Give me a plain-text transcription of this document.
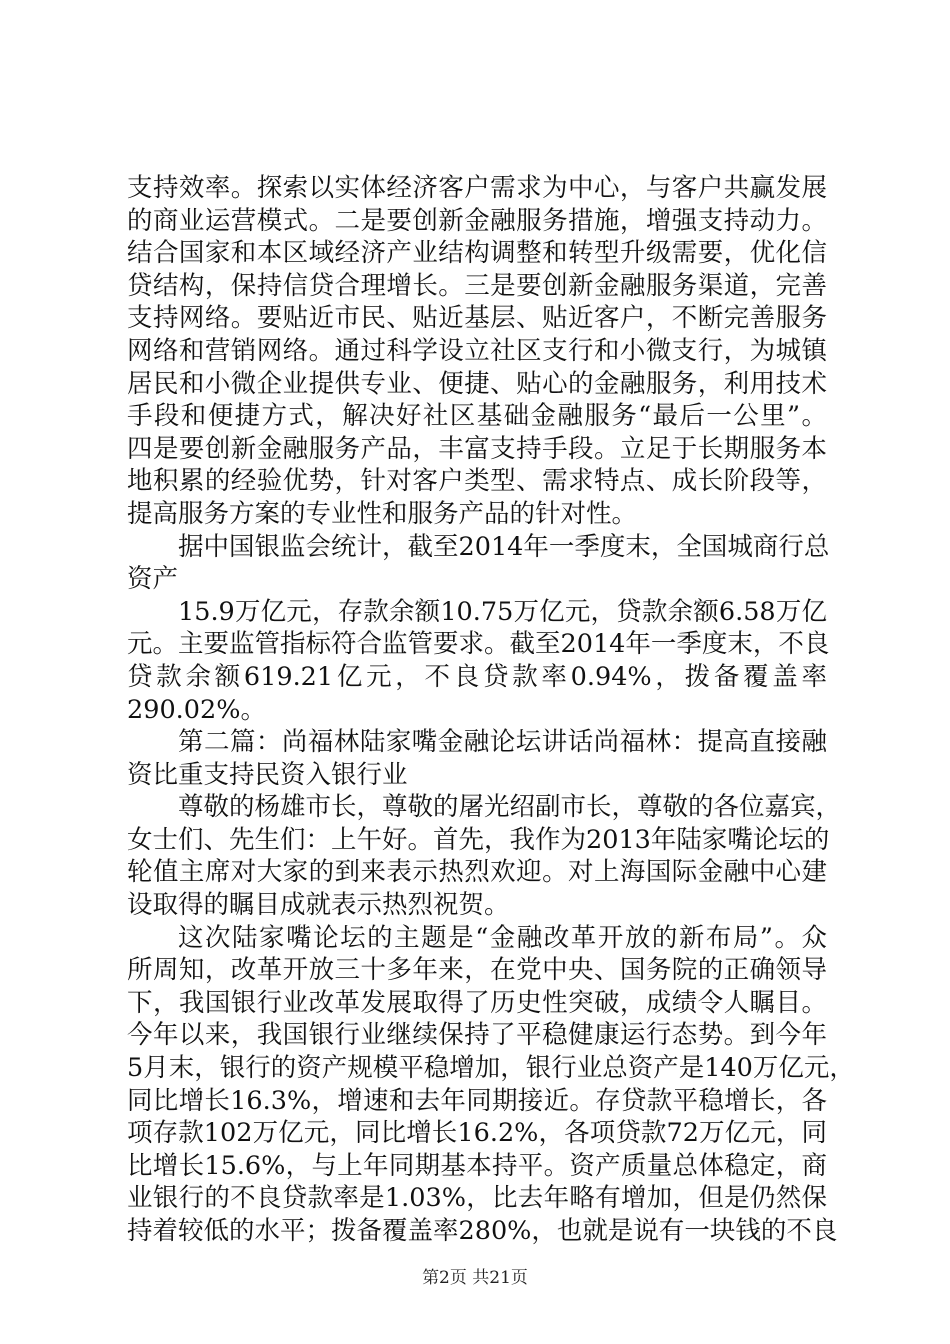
支持效率。探索以实体经济客户需求为中心，与客户共赢发展
的商业运营模式。二是要创新金融服务措施，增强支持动力。
结合国家和本区域经济产业结构调整和转型升级需要，优化信
贷结构，保持信贷合理增长。三是要创新金融服务渠道，完善
支持网络。要贴近市民、贴近基层、贴近客户，不断完善服务
网络和营销网络。通过科学设立社区支行和小微支行，为城镇
居民和小微企业提供专业、便捷、贴心的金融服务，利用技术
手段和便捷方式，解决好社区基础金融服务“最后一公里”。
四是要创新金融服务产品，丰富支持手段。立足于长期服务本
地积累的经验优势，针对客户类型、需求特点、成长阶段等，
提高服务方案的专业性和服务产品的针对性。
据中国银监会统计，截至2014年一季度末，全国城商行总
资产
15.9万亿元，存款余额10.75万亿元，贷款余额6.58万亿
元。主要监管指标符合监管要求。截至2014年一季度末，不良
贷款余额619.21亿元，不良贷款率0.94%，拨备覆盖率
290.02%。
第二篇：尚福林陆家嘴金融论坛讲话尚福林：提高直接融
资比重支持民资入银行业
尊敬的杨雄市长，尊敬的屠光绍副市长，尊敬的各位嘉宾，
女士们、先生们：上午好。首先，我作为2013年陆家嘴论坛的
轮值主席对大家的到来表示热烈欢迎。对上海国际金融中心建
设取得的瞩目成就表示热烈祝贺。
这次陆家嘴论坛的主题是“金融改革开放的新布局”。众
所周知，改革开放三十多年来，在党中央、国务院的正确领导
下，我国银行业改革发展取得了历史性突破，成绩令人瞩目。
今年以来，我国银行业继续保持了平稳健康运行态势。到今年
5月末，银行的资产规模平稳增加，银行业总资产是140万亿元，
同比增长16.3%，增速和去年同期接近。存贷款平稳增长，各
项存款102万亿元，同比增长16.2%，各项贷款72万亿元，同
比增长15.6%，与上年同期基本持平。资产质量总体稳定，商
业银行的不良贷款率是1.03%，比去年略有增加，但是仍然保
持着较低的水平；拨备覆盖率280%，也就是说有一块钱的不良
第2页 共21页
